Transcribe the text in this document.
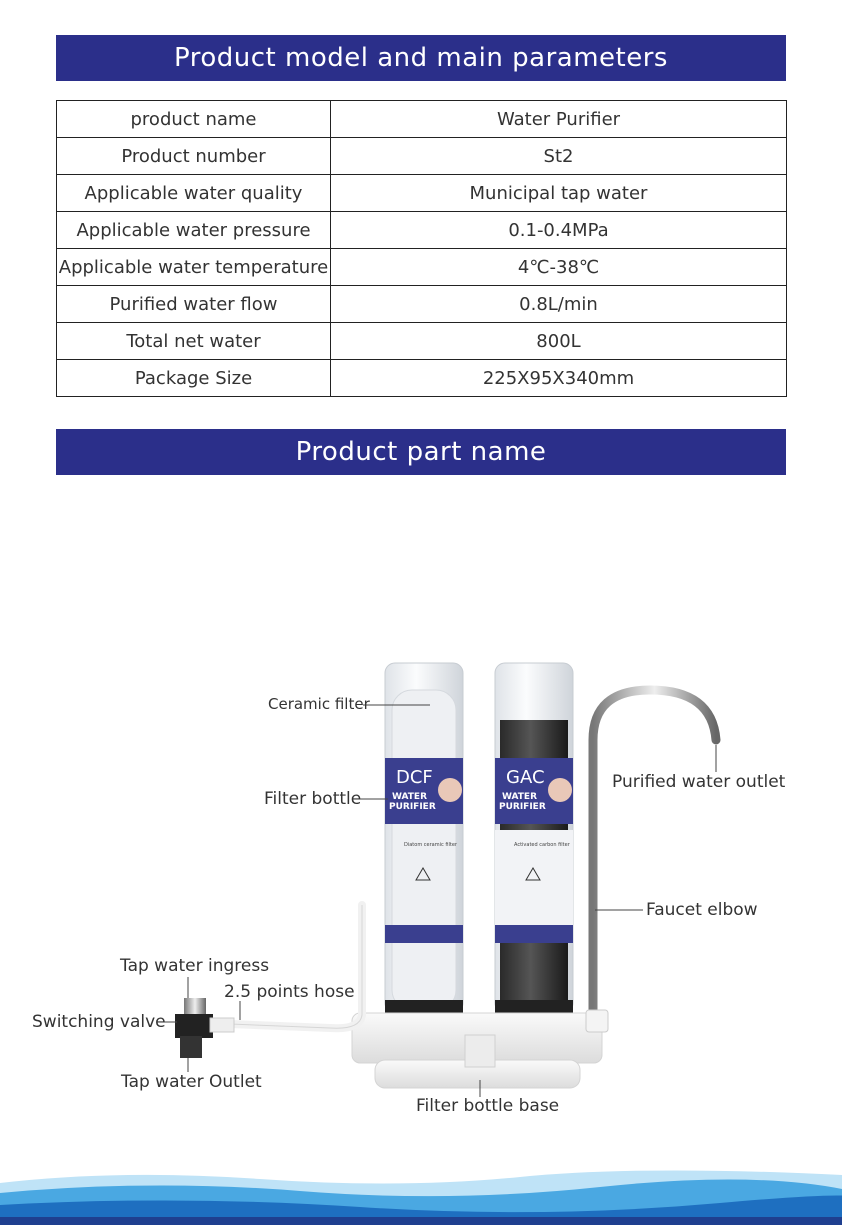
Product model and main parameters
product name	Water Purifier
Product number	St2
Applicable water quality	Municipal tap water
Applicable water pressure	0.1-0.4MPa
Applicable water temperature	4℃-38℃
Purified water flow	0.8L/min
Total net water	800L
Package Size	225X95X340mm
Product part name
DCF
WATER
PURIFIER
Diatom ceramic filter
GAC
WATER
PURIFIER
Activated carbon filter
Ceramic filter
Filter bottle
Purified water outlet
Faucet elbow
Tap water ingress
2.5 points hose
Switching valve
Tap water Outlet
Filter bottle base
